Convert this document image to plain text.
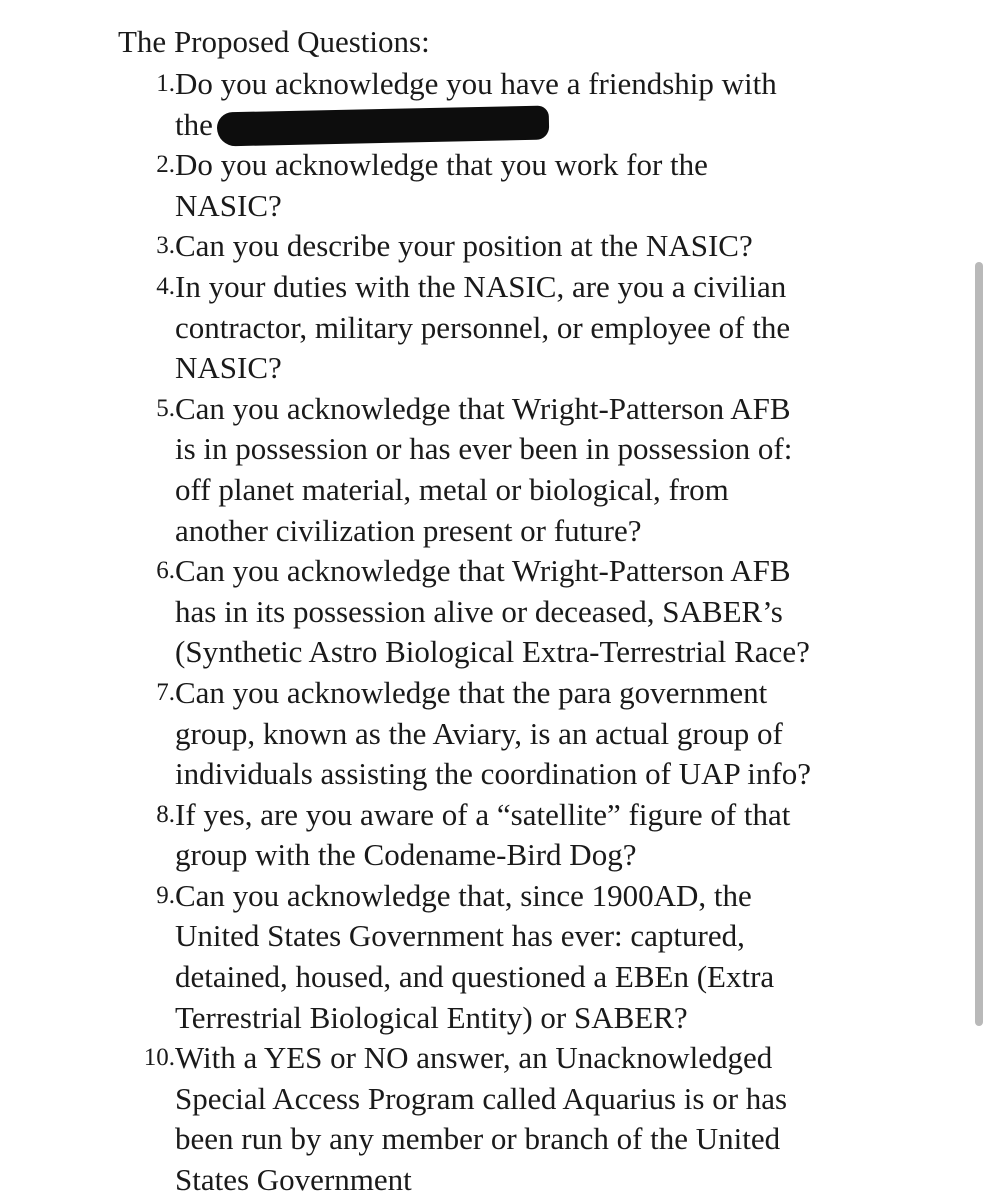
The Proposed Questions:
1. Do you acknowledge you have a friendship with
the
2. Do you acknowledge that you work for the
NASIC?
3. Can you describe your position at the NASIC?
4. In your duties with the NASIC, are you a civilian
contractor, military personnel, or employee of the
NASIC?
5. Can you acknowledge that Wright-Patterson AFB
is in possession or has ever been in possession of:
off planet material, metal or biological, from
another civilization present or future?
6. Can you acknowledge that Wright-Patterson AFB
has in its possession alive or deceased, SABER’s
(Synthetic Astro Biological Extra-Terrestrial Race?
7. Can you acknowledge that the para government
group, known as the Aviary, is an actual group of
individuals assisting the coordination of UAP info?
8. If yes, are you aware of a “satellite” figure of that
group with the Codename-Bird Dog?
9. Can you acknowledge that, since 1900AD, the
United States Government has ever: captured,
detained, housed, and questioned a EBEn (Extra
Terrestrial Biological Entity) or SABER?
10. With a YES or NO answer, an Unacknowledged
Special Access Program called Aquarius is or has
been run by any member or branch of the United
States Government
